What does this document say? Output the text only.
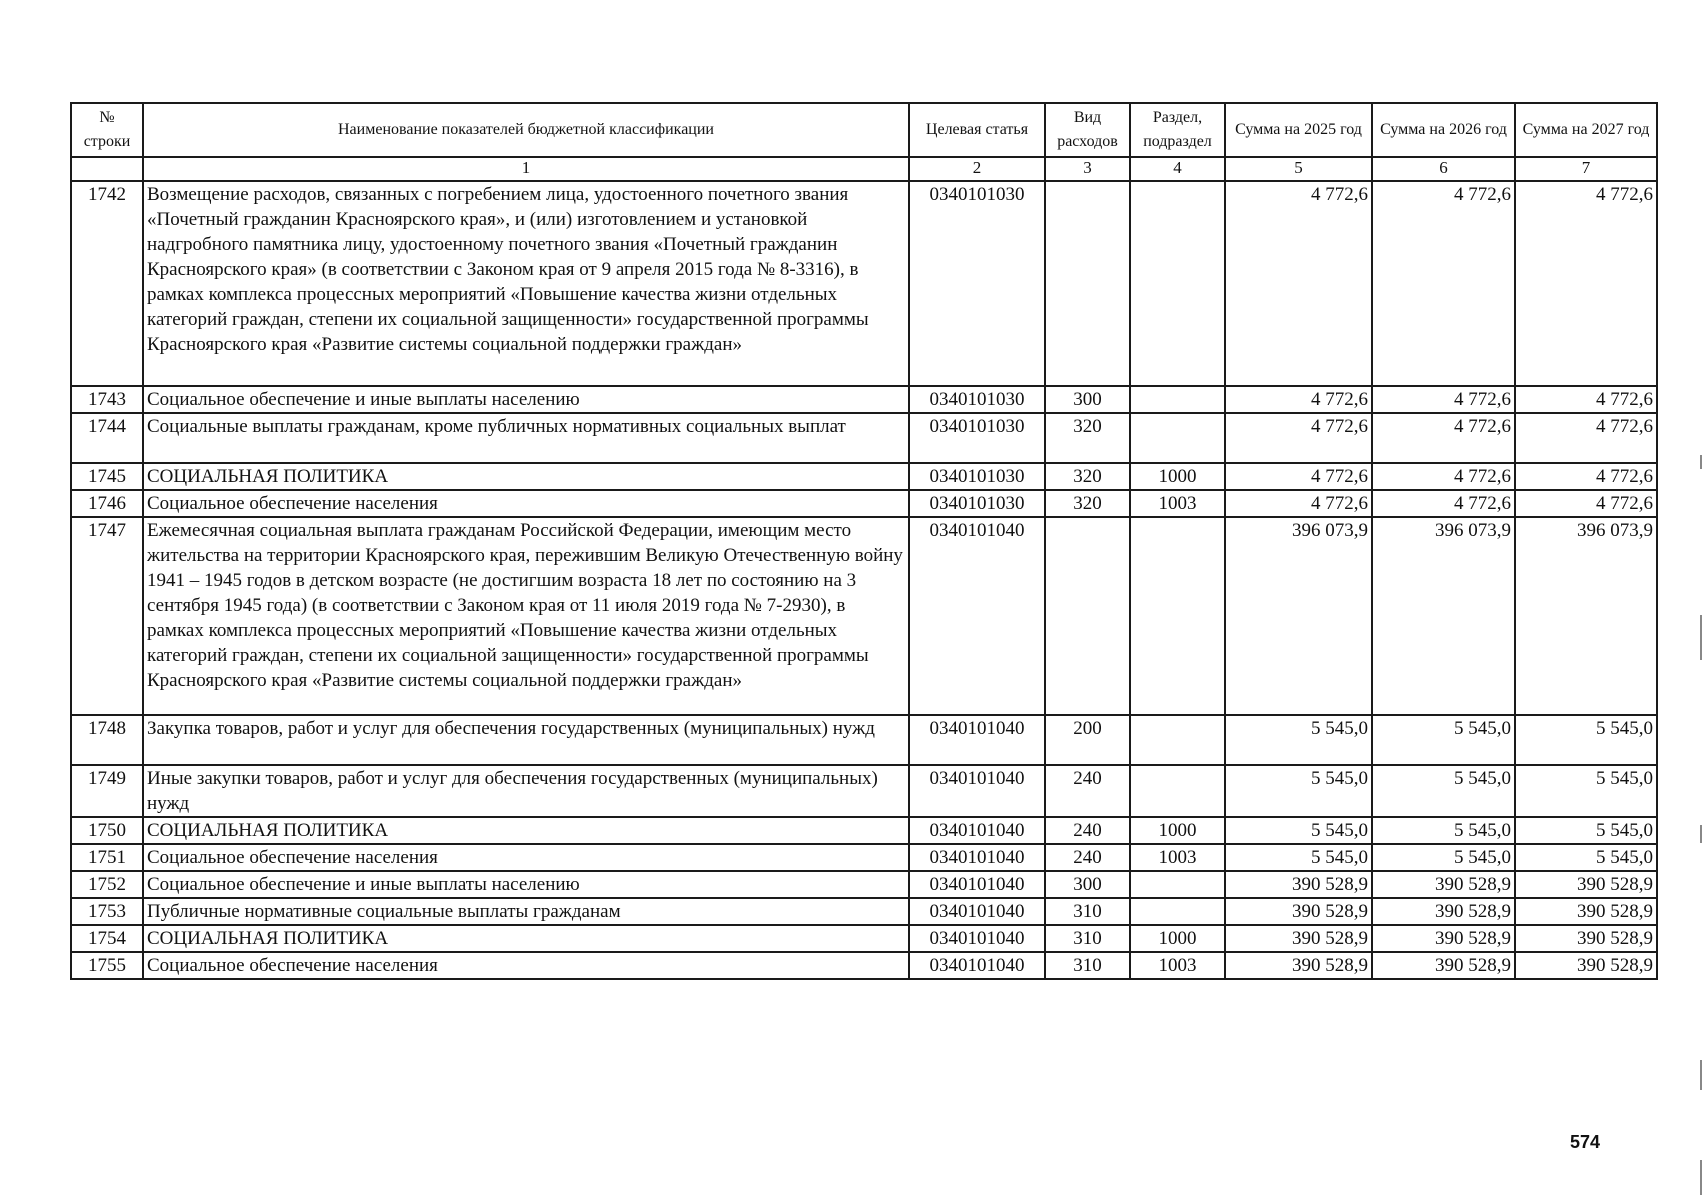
№ строки	Наименование показателей бюджетной классификации	Целевая статья	Вид расходов	Раздел, подраздел	Сумма на 2025 год	Сумма на 2026 год	Сумма на 2027 год
	1	2	3	4	5	6	7
1742	Возмещение расходов, связанных с погребением лица, удостоенного почетного звания «Почетный гражданин Красноярского края», и (или) изготовлением и установкой надгробного памятника лицу, удостоенному почетного звания «Почетный гражданин Красноярского края» (в соответствии с Законом края от 9 апреля 2015 года № 8-3316), в рамках комплекса процессных мероприятий «Повышение качества жизни отдельных категорий граждан, степени их социальной защищенности» государственной программы Красноярского края «Развитие системы социальной поддержки граждан»	0340101030			4 772,6	4 772,6	4 772,6
1743	Социальное обеспечение и иные выплаты населению	0340101030	300		4 772,6	4 772,6	4 772,6
1744	Социальные выплаты гражданам, кроме публичных нормативных социальных выплат	0340101030	320		4 772,6	4 772,6	4 772,6
1745	СОЦИАЛЬНАЯ ПОЛИТИКА	0340101030	320	1000	4 772,6	4 772,6	4 772,6
1746	Социальное обеспечение населения	0340101030	320	1003	4 772,6	4 772,6	4 772,6
1747	Ежемесячная социальная выплата гражданам Российской Федерации, имеющим место жительства на территории Красноярского края, пережившим Великую Отечественную войну 1941 – 1945 годов в детском возрасте (не достигшим возраста 18 лет по состоянию на 3 сентября 1945 года) (в соответствии с Законом края от 11 июля 2019 года № 7-2930), в рамках комплекса процессных мероприятий «Повышение качества жизни отдельных категорий граждан, степени их социальной защищенности» государственной программы Красноярского края «Развитие системы социальной поддержки граждан»	0340101040			396 073,9	396 073,9	396 073,9
1748	Закупка товаров, работ и услуг для обеспечения государственных (муниципальных) нужд	0340101040	200		5 545,0	5 545,0	5 545,0
1749	Иные закупки товаров, работ и услуг для обеспечения государственных (муниципальных) нужд	0340101040	240		5 545,0	5 545,0	5 545,0
1750	СОЦИАЛЬНАЯ ПОЛИТИКА	0340101040	240	1000	5 545,0	5 545,0	5 545,0
1751	Социальное обеспечение населения	0340101040	240	1003	5 545,0	5 545,0	5 545,0
1752	Социальное обеспечение и иные выплаты населению	0340101040	300		390 528,9	390 528,9	390 528,9
1753	Публичные нормативные социальные выплаты гражданам	0340101040	310		390 528,9	390 528,9	390 528,9
1754	СОЦИАЛЬНАЯ ПОЛИТИКА	0340101040	310	1000	390 528,9	390 528,9	390 528,9
1755	Социальное обеспечение населения	0340101040	310	1003	390 528,9	390 528,9	390 528,9
574
